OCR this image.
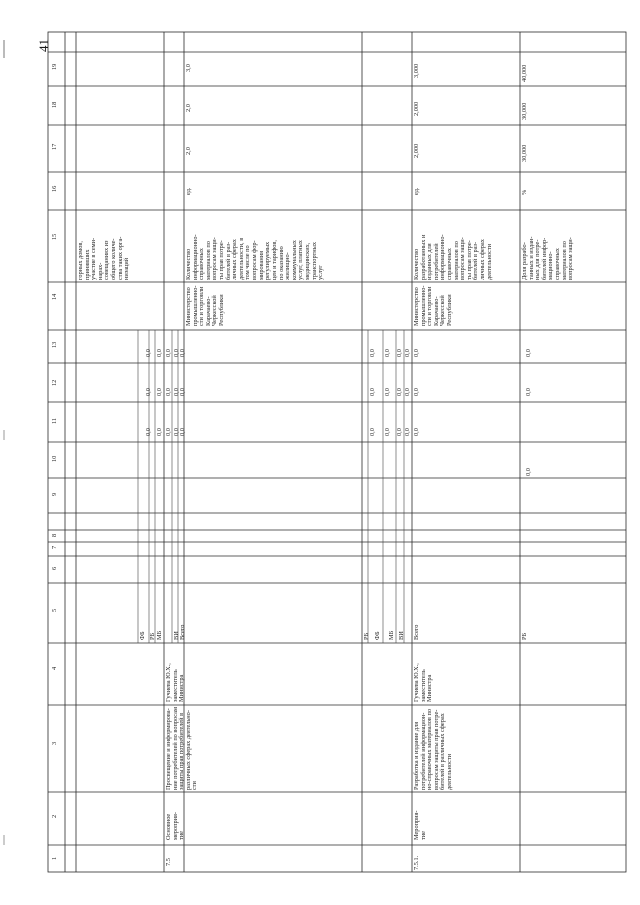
41
1
2
3
4
5
6
7
8
9
10
11
12
13
14
15
16
17
18
19
горных домов,
принявших
участие в семи-
нарах-
совещаниях из
общего количе-
ства таких орга-
низаций
7.5
Основное
мероприя-
тие
Просвещение и информирова-
ние потребителей по вопросам
защиты прав потребителей в
различных сферах деятельно-
сти
Гучиева Ю.Х.,
заместитель
Министра
ФБ РБ МБ ВИ Всего
0,0
0,0
0,0
0,0
0,0
0,0
0,0
0,0
0,0
0,0
0,0
0,0
0,0
0,0
0,0
Министерство
промышленно-
сти и торговли
Карачаево-
Черкесской
Республики
Количество
информационно-
справочных
материалов по
вопросам защи-
ты прав потре-
бителей в раз-
личных сферах
деятельности, в
том числе по
вопросам фор-
мирования
регулируемых
цен и тарифов,
по оказанию
жилищно-
коммунальных
услуг, платных
медицинских,
транспортных
услуг
ед.
2,0
2,0
3,0
РБ ФБ МБ ВИ
0,0
0,0
0,0
0,0
0,0
0,0
0,0
0,0
0,0
0,0
0,0
0,0
7.5.1.
Мероприя-
тие
Разработка и издание для
потребителей информацион-
но-справочных материалов по
вопросам защиты прав потре-
бителей в различных сферах
деятельности
Гучиева Ю.Х.,
заместитель
Министра
Всего	РБ
0,0
0,0
0,0
0,0
0,0
0,0
Министерство
промышленно-
сти и торговли
Карачаево-
Черкесской
Республики
Количество
разработанных и
изданных для
потребителей
информационно-
справочных
материалов по
вопросам защи-
ты прав потре-
бителей в раз-
личных сферах
деятельности
ед.
2,000
2,000
3,000
Доля разрабо-
танных и издан-
ных для потре-
бителей инфор-
мационно-
справочных
материалов по
вопросам защи-
%
30,000
30,000
40,000
